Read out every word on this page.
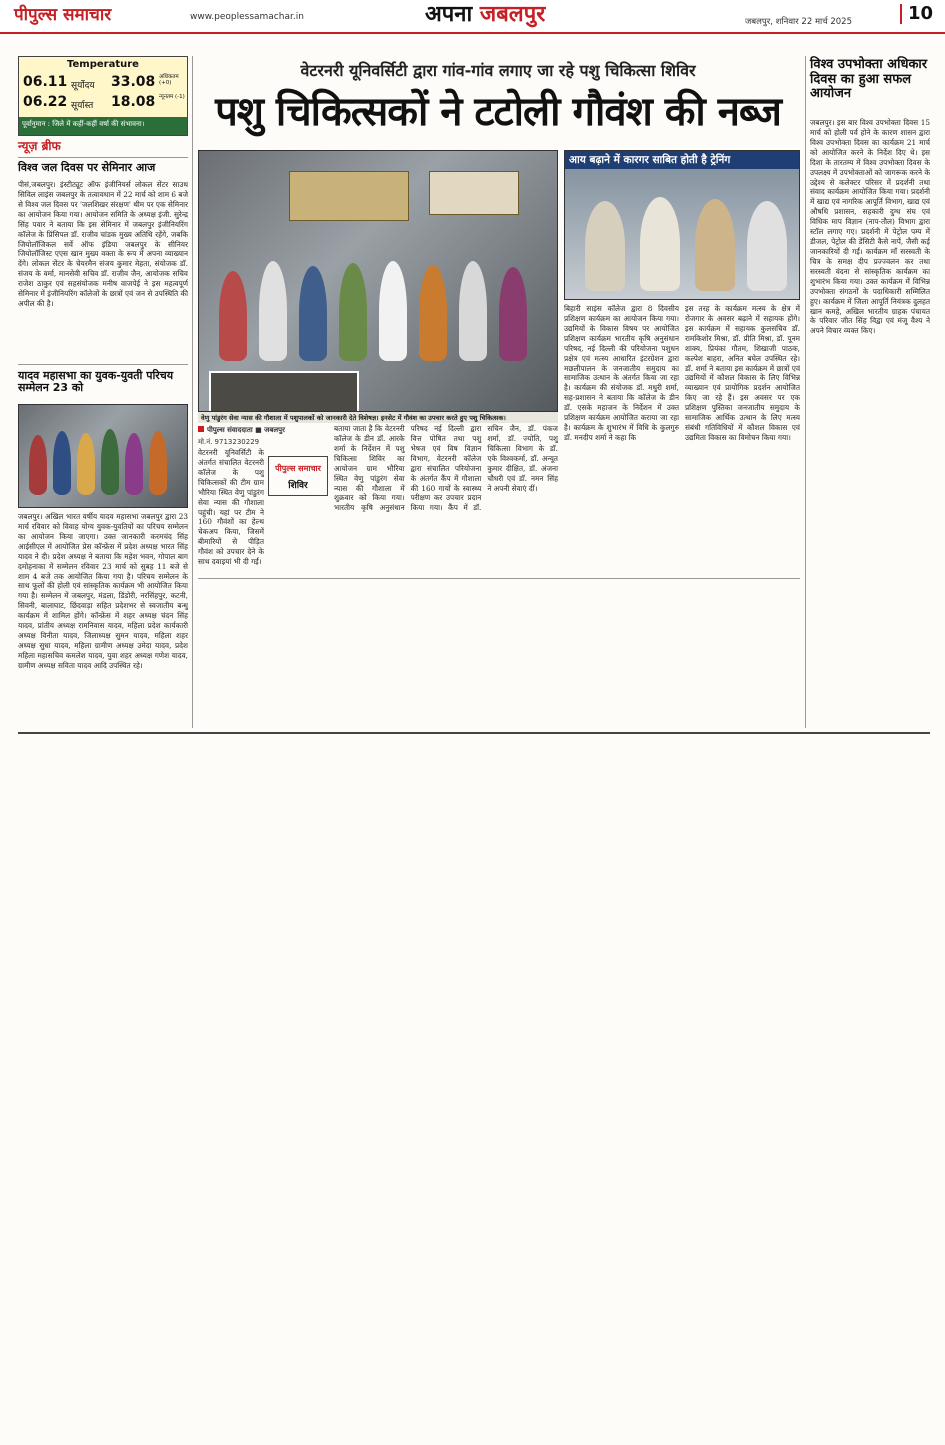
पीपुल्स समाचार	www.peoplessamachar.in	अपना जबलपुर	जबलपुर, शनिवार 22 मार्च 2025	10
Temperature
06.11 सूर्योदय 33.08 अधिकतम (+0)
06.22 सूर्यास्त 18.08 न्यूनतम (-1)
पूर्वानुमान : जिले में कहीं-कहीं वर्षा की संभावना।
न्यूज़ ब्रीफ
विश्व जल दिवस पर सेमिनार आज
पीसं,जबलपुर। इंस्टीट्यूट ऑफ इंजीनियर्स लोकल सेंटर साउथ सिविल लाइंस जबलपुर के तत्वावधान में 22 मार्च को शाम 6 बजे से विश्व जल दिवस पर 'जलशिखर संरक्षण' थीम पर एक सेमिनार का आयोजन किया गया। आयोजन समिति के अध्यक्ष इंजी. सुरेन्द्र सिंह पवार ने बताया कि इस सेमिनार में जबलपुर इंजीनियरिंग कॉलेज के प्रिंसिपल डॉ. राजीव चांडक मुख्य अतिथि रहेंगे, जबकि जियोलॉजिकल सर्वे ऑफ इंडिया जबलपुर के सीनियर जियोलॉजिस्ट एएस खान मुख्य वक्ता के रूप में अपना व्याख्यान देंगे। लोकल सेंटर के चेयरमैन संजय कुमार मेहता, संयोजक डॉ. संजय के वर्मा, मानसेवी सचिव डॉ. राजीव जैन, आयोजक सचिव राजेश ठाकुर एवं सहसंयोजक मनीष वाजपेई ने इस महत्वपूर्ण सेमिनार में इंजीनियरिंग कॉलेजों के छात्रों एवं जन से उपस्थिति की अपील की है।
यादव महासभा का युवक-युवती परिचय सम्मेलन 23 को
जबलपुर। अखिल भारत वर्षीय यादव महासभा जबलपुर द्वारा 23 मार्च रविवार को विवाह योग्य युवक-युवतियों का परिचय सम्मेलन का आयोजन किया जाएगा। उक्त जानकारी करमचंद सिंह आईसीएल में आयोजित प्रेस कॉन्फ्रेंस में प्रदेश अध्यक्ष भारत सिंह यादव ने दी। प्रदेश अध्यक्ष ने बताया कि महेश भवन, गोपाल बाग दमोहनाका में सम्मेलन रविवार 23 मार्च को सुबह 11 बजे से शाम 4 बजे तक आयोजित किया गया है। परिचय सम्मेलन के साथ फूलों की होली एवं सांस्कृतिक कार्यक्रम भी आयोजित किया गया है। सम्मेलन में जबलपुर, मंडला, डिंडोरी, नरसिंहपुर, कटनी, सिवनी, बालाघाट, छिंदवाड़ा सहित प्रदेशभर से स्वजातीय बन्धु कार्यक्रम में शामिल होंगे। कॉन्फ्रेंस में शहर अध्यक्ष चंदन सिंह यादव, प्रांतीय अध्यक्ष रामनिवास यादव, महिला प्रदेश कार्यकारी अध्यक्ष विनीता यादव, जिलाध्यक्ष सुमन यादव, महिला शहर अध्यक्ष सुधा यादव, महिला ग्रामीण अध्यक्ष उमेदा यादव, प्रदेश महिला महासचिव कमलेश यादव, युवा शहर अध्यक्ष गणेश यादव, ग्रामीण अध्यक्ष सविता यादव आदि उपस्थित रहे।
वेटरनरी यूनिवर्सिटी द्वारा गांव-गांव लगाए जा रहे पशु चिकित्सा शिविर
पशु चिकित्सकों ने टटोली गौवंश की नब्ज
वेणु पांडुरंग सेवा न्यास की गौशाला में पशुपालकों को जानकारी देते विशेषज्ञ। इनसेट में गौवंश का उपचार करते हुए पशु चिकित्सक।
पीपुल्स संवाददाता ■ जबलपुर
मो.नं. 9713230229
पीपुल्स समाचार
शिविर
वेटरनरी यूनिवर्सिटी के अंतर्गत संचालित वेटरनरी कॉलेज के पशु चिकित्सकों की टीम ग्राम भौरिया स्थित वेणु पांडुरंग सेवा न्यास की गौशाला पहुंची। यहां पर टीम ने 160 गौवंशों का हेल्थ चेकअप किया, जिसमें बीमारियों से पीड़ित गौवंश को उपचार देने के साथ दवाइयां भी दी गईं।
बताया जाता है कि वेटरनरी कॉलेज के डीन डॉ. आरके शर्मा के निर्देशन में पशु चिकित्सा शिविर का आयोजन ग्राम भौरिया स्थित वेणु पांडुरंग सेवा न्यास की गौशाला में शुक्रवार को किया गया। भारतीय कृषि अनुसंधान परिषद नई दिल्ली द्वारा वित्त पोषित तथा पशु भेषज एवं विष विज्ञान विभाग, वेटरनरी कॉलेज द्वारा संचालित परियोजना के अंतर्गत कैंप में गौशाला की 160 गायों के स्वास्थ्य परीक्षण कर उपचार प्रदान किया गया। कैंप में डॉ. सचिन जैन, डॉ. पंकज शर्मा, डॉ. ज्योति, पशु चिकित्सा विभाग के डॉ. एके विश्वकर्मा, डॉ. अन्यूत कुमार दीक्षित, डॉ. अंजना चौधरी एवं डॉ. नमन सिंह ने अपनी सेवाएं दीं।
आय बढ़ाने में कारगर साबित होती है ट्रेनिंग
बिहारी साइंस कॉलेज द्वारा 8 दिवसीय प्रशिक्षण कार्यक्रम का आयोजन किया गया। उद्यमियों के विकास विषय पर आयोजित प्रशिक्षण कार्यक्रम भारतीय कृषि अनुसंधान परिषद, नई दिल्ली की परियोजना पशुधन प्रक्षेत्र एवं मत्स्य आधारित इंटरग्रेशन द्वारा मछलीपालन के जनजातीय समुदाय का सामाजिक उत्थान के अंतर्गत किया जा रहा है। कार्यक्रम की संयोजक डॉ. मधुरी शर्मा, सह-प्रशासन ने बताया कि कॉलेज के डीन डॉ. एसके महाजन के निर्देशन में उक्त प्रशिक्षण कार्यक्रम आयोजित कराया जा रहा है। कार्यक्रम के शुभारंभ में विधि के कुलगुरु डॉ. मनदीप शर्मा ने कहा कि
इस तरह के कार्यक्रम मत्स्य के क्षेत्र में रोजगार के अवसर बढ़ाने में सहायक होंगे। इस कार्यक्रम में सहायक कुलसचिव डॉ. रामकिशोर मिश्रा, डॉ. प्रीति मिश्रा, डॉ. पूनम शाक्य, प्रियंका गौतम, शिखाजी पाठक, कल्पेश बाहरा, अनित बघेल उपस्थित रहे। डॉ. शर्मा ने बताया इस कार्यक्रम में छात्रों एवं उद्यमियों में कौशल विकास के लिए विभिन्न व्याख्यान एवं प्रायोगिक प्रदर्शन आयोजित किए जा रहे हैं। इस अवसर पर एक प्रशिक्षण पुस्तिका जनजातीय समुदाय के सामाजिक आर्थिक उत्थान के लिए मत्स्य संबंधी गतिविधियों में कौशल विकास एवं उद्यमिता विकास का विमोचन किया गया।
विश्व उपभोक्ता अधिकार दिवस का हुआ सफल आयोजन
जबलपुर। इस बार विश्व उपभोक्ता दिवस 15 मार्च को होली पर्व होने के कारण शासन द्वारा विश्व उपभोक्ता दिवस का कार्यक्रम 21 मार्च को आयोजित करने के निर्देश दिए थे। इस दिशा के तारतम्य में विश्व उपभोक्ता दिवस के उपलक्ष्य में उपभोक्ताओं को जागरूक करने के उद्देश्य से कलेक्टर परिसर में प्रदर्शनी तथा संवाद कार्यक्रम आयोजित किया गया। प्रदर्शनी में खाद्य एवं नागरिक आपूर्ति विभाग, खाद्य एवं औषधि प्रशासन, सहकारी दुग्ध संघ एवं विधिक माप विज्ञान (नाप-तौल) विभाग द्वारा स्टॉल लगाए गए। प्रदर्शनी में पेट्रोल पम्प में डीजल, पेट्रोल की डेंसिटी कैसे नापें, जैसी कई जानकारियों दी गईं। कार्यक्रम माँ सरस्वती के चित्र के समक्ष दीप प्रज्ज्वलन कर तथा सरस्वती वंदना से सांस्कृतिक कार्यक्रम का शुभारंभ किया गया। उक्त कार्यक्रम में विभिन्न उपभोक्ता संगठनों के पदाधिकारी सम्मिलित हुए। कार्यक्रम में जिला आपूर्ति नियंत्रक दुलहत खान कमहे, अखिल भारतीय ग्राहक पंचायत के परिवार जीत सिंह विद्वा एवं मंजू वैश्य ने अपने विचार व्यक्त किए।
